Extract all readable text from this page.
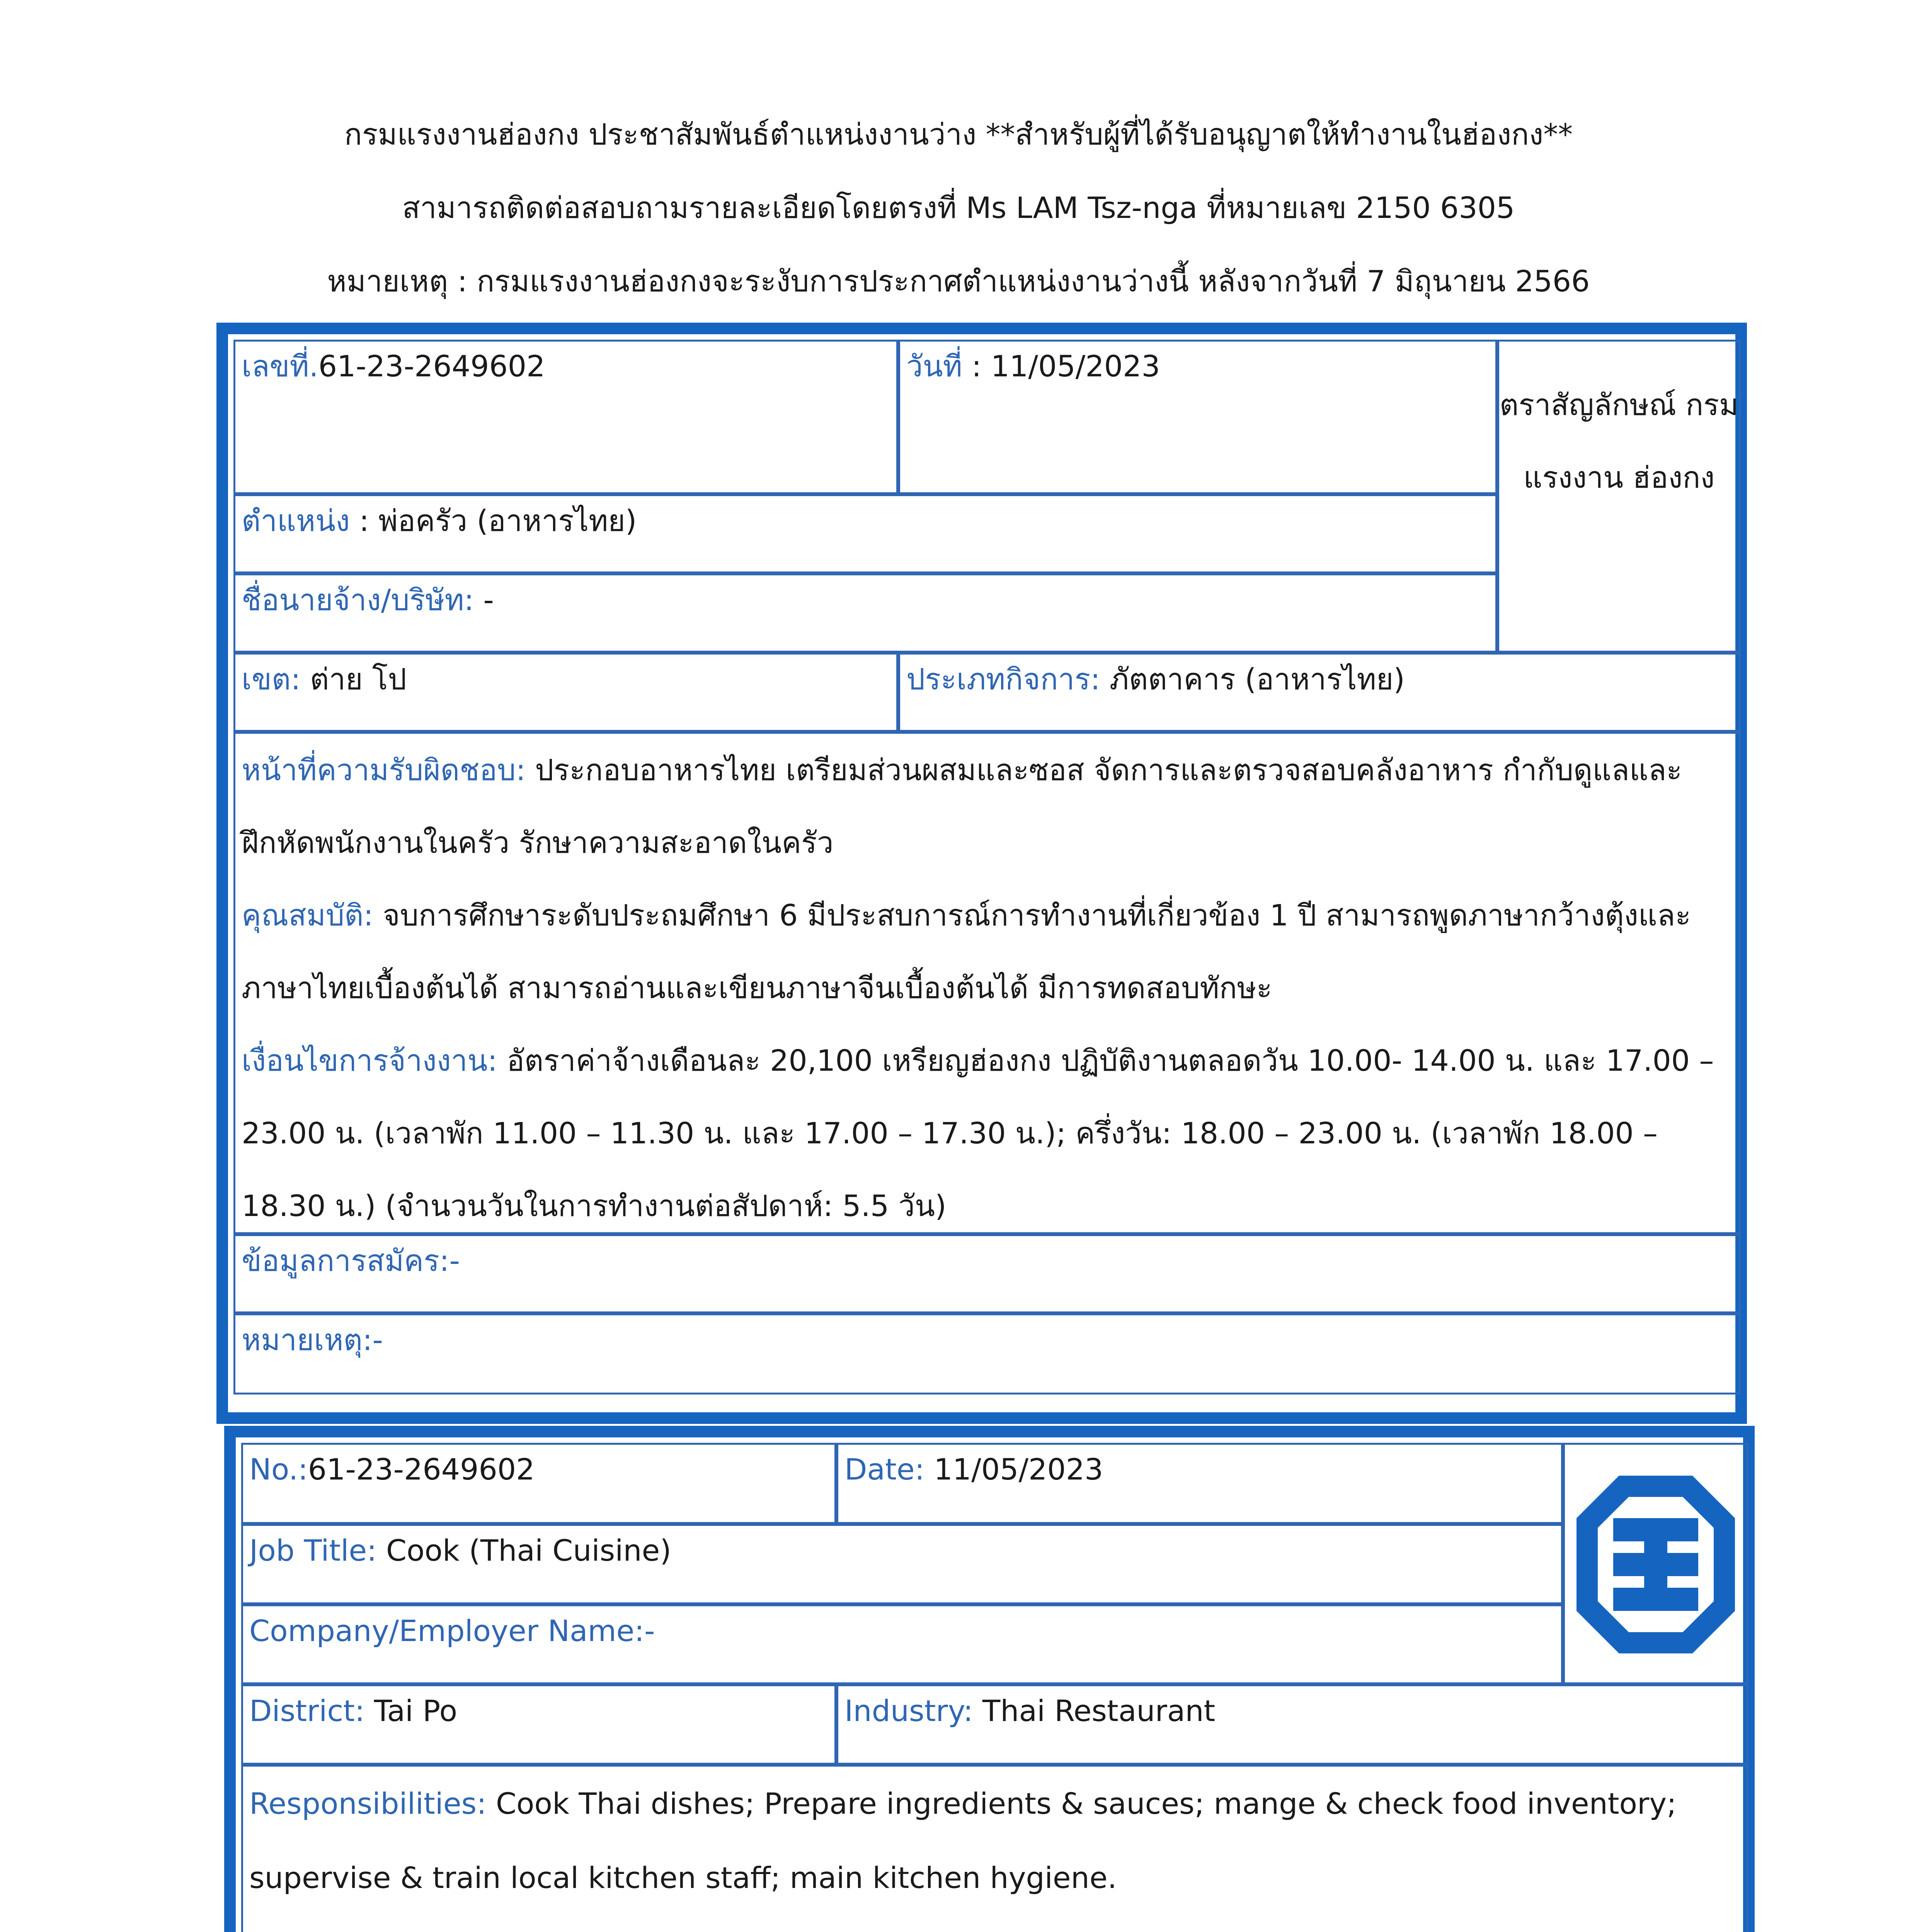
กรมแรงงานฮ่องกง ประชาสัมพันธ์ตำแหน่งงานว่าง **สำหรับผู้ที่ได้รับอนุญาตให้ทำงานในฮ่องกง**
สามารถติดต่อสอบถามรายละเอียดโดยตรงที่ Ms LAM Tsz-nga ที่หมายเลข 2150 6305
หมายเหตุ : กรมแรงงานฮ่องกงจะระงับการประกาศตำแหน่งงานว่างนี้ หลังจากวันที่ 7 มิถุนายน 2566
เลขที่.61-23-2649602	วันที่ : 11/05/2023
ตราสัญลักษณ์ กรมแรงงาน ฮ่องกง
ตำแหน่ง : พ่อครัว (อาหารไทย)
ชื่อนายจ้าง/บริษัท: -
เขต: ต่าย โป	ประเภทกิจการ: ภัตตาคาร (อาหารไทย)
หน้าที่ความรับผิดชอบ: ประกอบอาหารไทย เตรียมส่วนผสมและซอส จัดการและตรวจสอบคลังอาหาร กำกับดูแลและฝึกหัดพนักงานในครัว รักษาความสะอาดในครัว
คุณสมบัติ: จบการศึกษาระดับประถมศึกษา 6 มีประสบการณ์การทำงานที่เกี่ยวข้อง 1 ปี สามารถพูดภาษากว้างตุ้งและภาษาไทยเบื้องต้นได้ สามารถอ่านและเขียนภาษาจีนเบื้องต้นได้ มีการทดสอบทักษะ
เงื่อนไขการจ้างงาน: อัตราค่าจ้างเดือนละ 20,100 เหรียญฮ่องกง ปฏิบัติงานตลอดวัน 10.00- 14.00 น. และ 17.00 – 23.00 น. (เวลาพัก 11.00 – 11.30 น. และ 17.00 – 17.30 น.); ครึ่งวัน: 18.00 – 23.00 น. (เวลาพัก 18.00 – 18.30 น.) (จำนวนวันในการทำงานต่อสัปดาห์: 5.5 วัน)
ข้อมูลการสมัคร:-
หมายเหตุ:-
No.:61-23-2649602	Date: 11/05/2023
Job Title: Cook (Thai Cuisine)
Company/Employer Name:-
District: Tai Po	Industry: Thai Restaurant
Responsibilities: Cook Thai dishes; Prepare ingredients & sauces; mange & check food inventory; supervise & train local kitchen staff; main kitchen hygiene.
